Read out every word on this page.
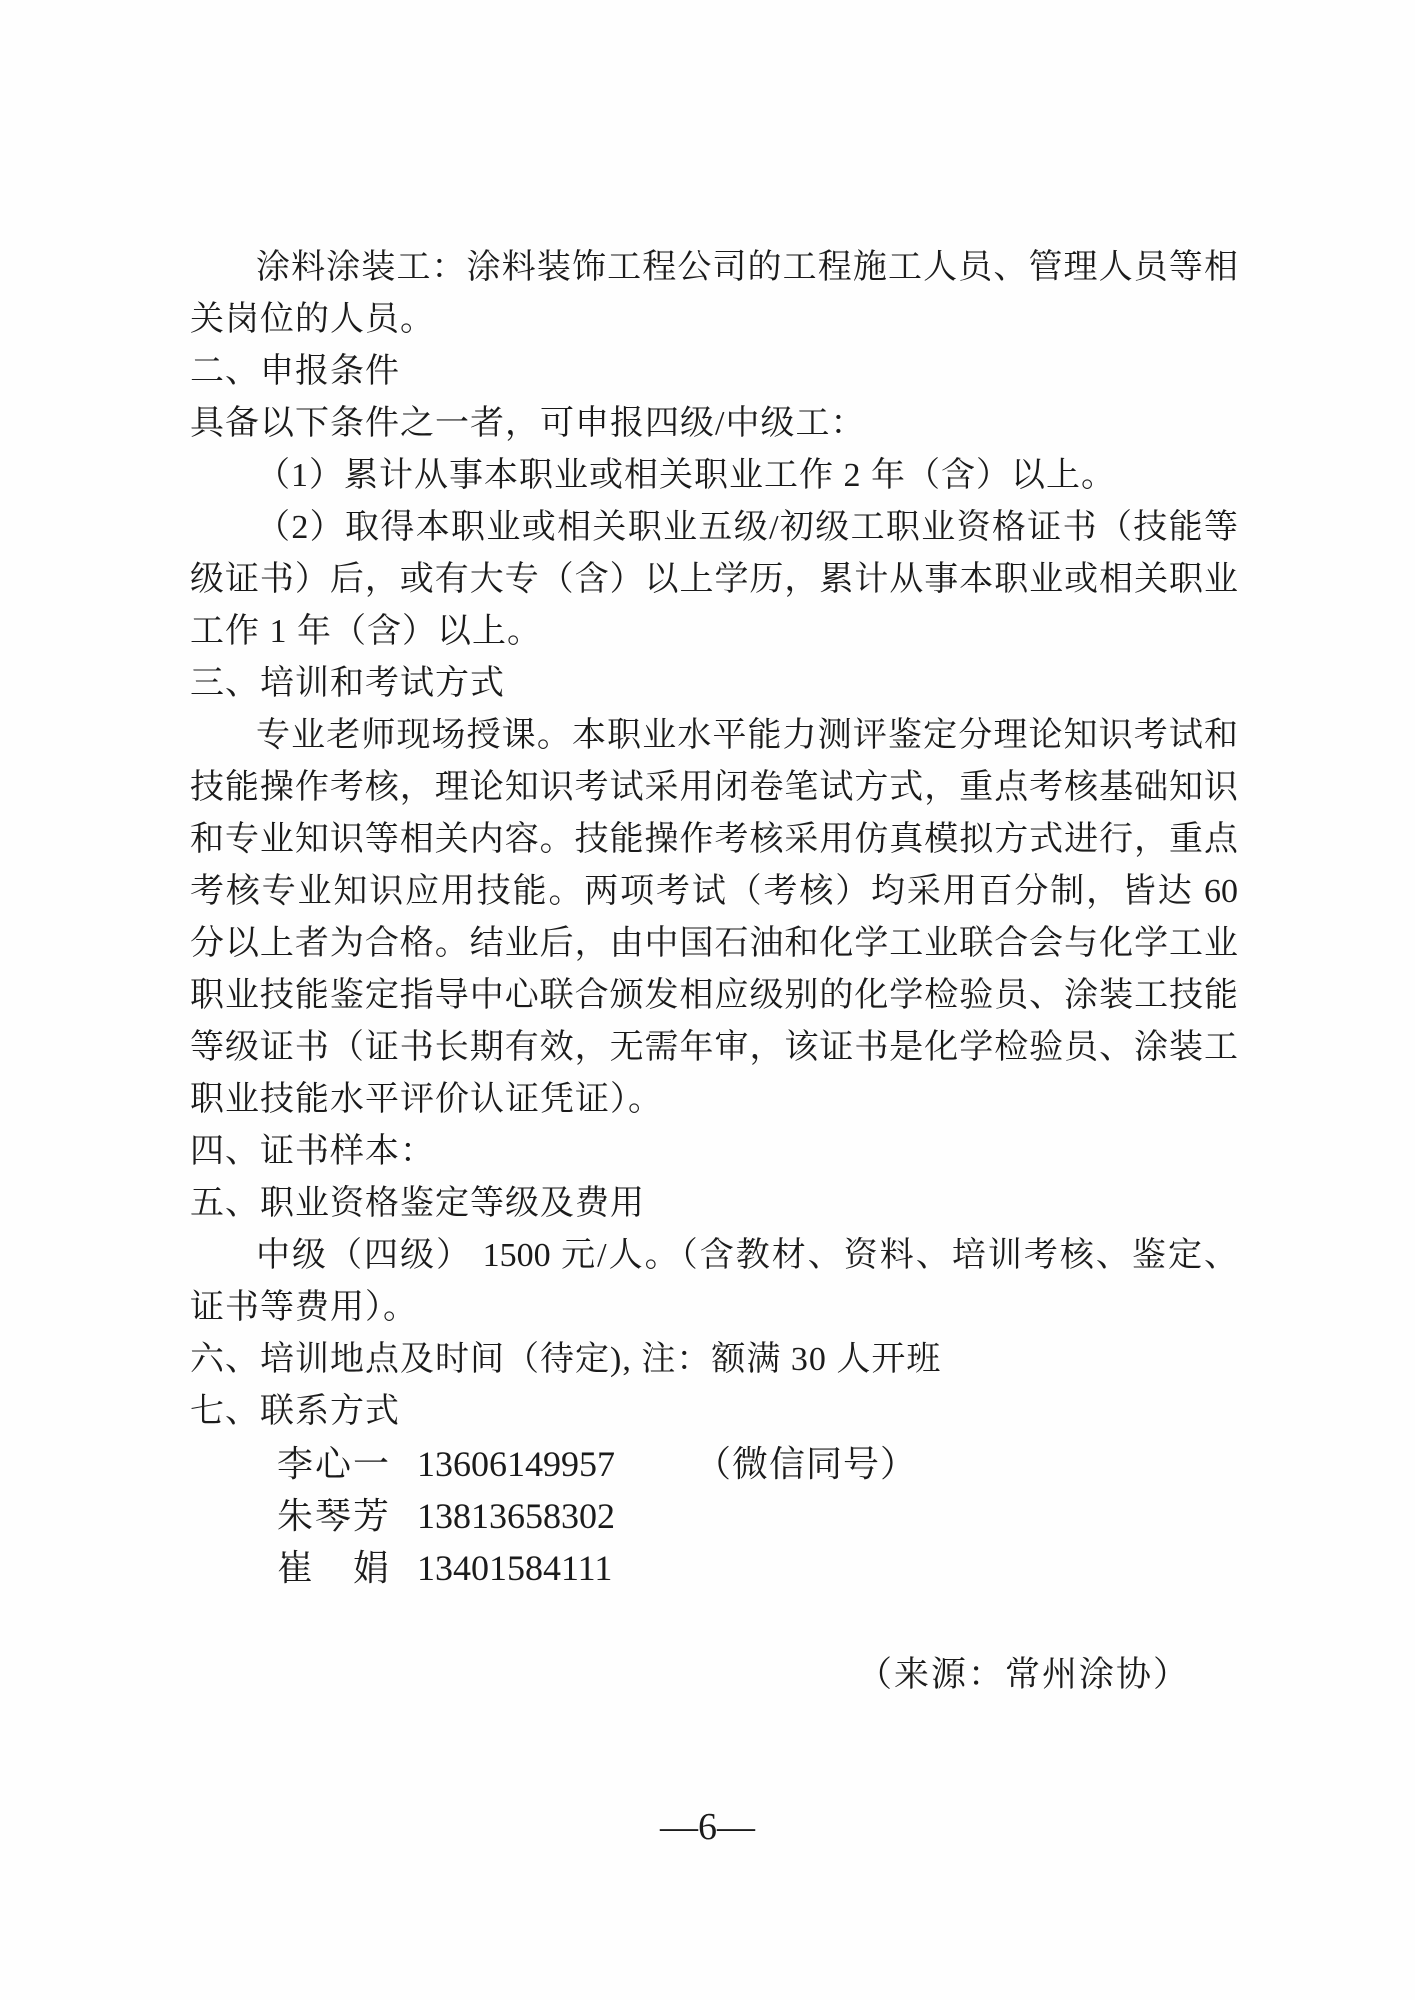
涂料涂装工：涂料装饰工程公司的工程施工人员、管理人员等相

关岗位的人员。

二、申报条件

具备以下条件之一者，可申报四级/中级工：

（1）累计从事本职业或相关职业工作 2 年（含）以上。

（2）取得本职业或相关职业五级/初级工职业资格证书（技能等

级证书）后，或有大专（含）以上学历，累计从事本职业或相关职业

工作 1 年（含）以上。

三、培训和考试方式

专业老师现场授课。本职业水平能力测评鉴定分理论知识考试和

技能操作考核，理论知识考试采用闭卷笔试方式，重点考核基础知识

和专业知识等相关内容。技能操作考核采用仿真模拟方式进行，重点

考核专业知识应用技能。两项考试（考核）均采用百分制，皆达 60

分以上者为合格。结业后，由中国石油和化学工业联合会与化学工业

职业技能鉴定指导中心联合颁发相应级别的化学检验员、涂装工技能

等级证书（证书长期有效，无需年审，该证书是化学检验员、涂装工

职业技能水平评价认证凭证）。

四、证书样本：

五、职业资格鉴定等级及费用

中级（四级） 1500 元/人。（含教材、资料、培训考核、鉴定、

证书等费用）。

六、培训地点及时间（待定), 注：额满 30 人开班

七、联系方式

李心一 13606149957	（微信同号）
朱琴芳 13813658302
崔　娟 13401584111
（来源：常州涂协）
—6—
